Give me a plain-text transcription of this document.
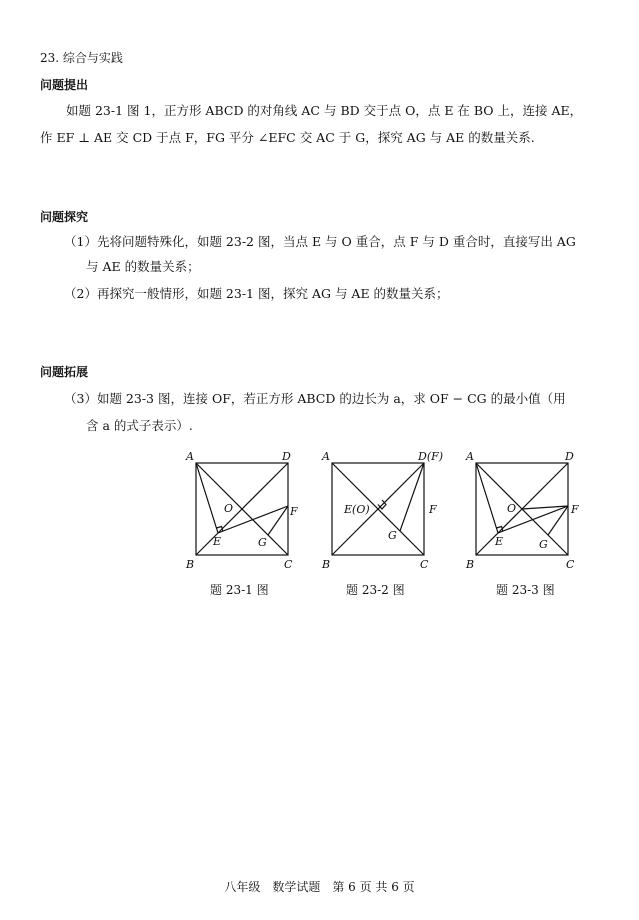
23. 综合与实践
问题提出
如题 23-1 图 1，正方形 ABCD 的对角线 AC 与 BD 交于点 O，点 E 在 BO 上，连接 AE，
作 EF ⊥ AE 交 CD 于点 F，FG 平分 ∠EFC 交 AC 于 G，探究 AG 与 AE 的数量关系.
问题探究
（1）先将问题特殊化，如题 23-2 图，当点 E 与 O 重合，点 F 与 D 重合时，直接写出 AG
与 AE 的数量关系；
（2）再探究一般情形，如题 23-1 图，探究 AG 与 AE 的数量关系；
问题拓展
（3）如题 23-3 图，连接 OF，若正方形 ABCD 的边长为 a，求 OF − CG 的最小值（用
含 a 的式子表示）.
A	D
B	C
O
E
F
G
A	D(F)
B	C
E(O)	F
G
A	D
B	C
O
E
F
G
题 23-1 图	题 23-2 图	题 23-3 图
八年级　数学试题　第 6 页 共 6 页
